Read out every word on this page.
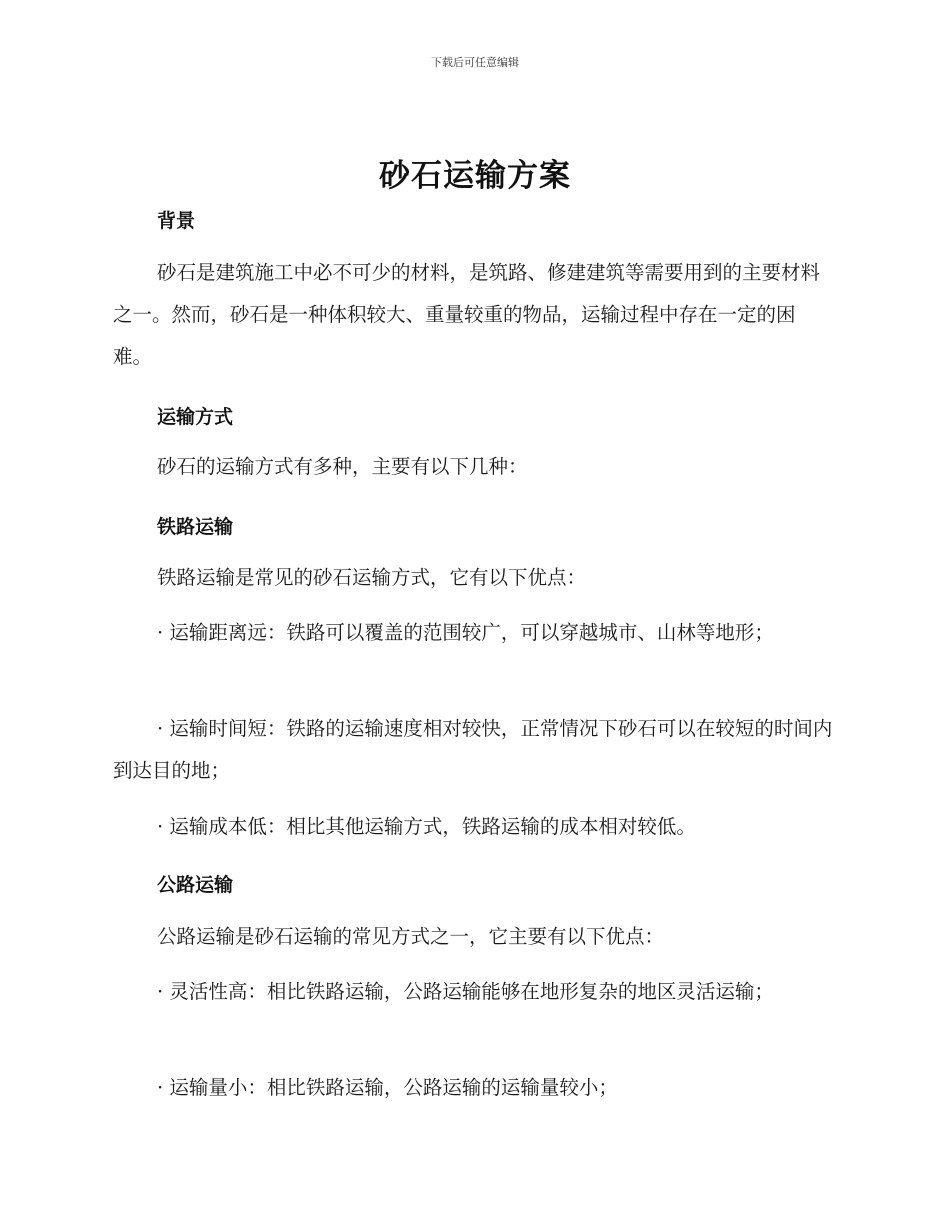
下载后可任意编辑
砂石运输方案
背景
砂石是建筑施工中必不可少的材料，是筑路、修建建筑等需要用到的主要材料之一。然而，砂石是一种体积较大、重量较重的物品，运输过程中存在一定的困难。
运输方式
砂石的运输方式有多种，主要有以下几种：
铁路运输
铁路运输是常见的砂石运输方式，它有以下优点：
· 运输距离远：铁路可以覆盖的范围较广，可以穿越城市、山林等地形；
· 运输时间短：铁路的运输速度相对较快，正常情况下砂石可以在较短的时间内到达目的地；
· 运输成本低：相比其他运输方式，铁路运输的成本相对较低。
公路运输
公路运输是砂石运输的常见方式之一，它主要有以下优点：
· 灵活性高：相比铁路运输，公路运输能够在地形复杂的地区灵活运输；
· 运输量小：相比铁路运输，公路运输的运输量较小；
